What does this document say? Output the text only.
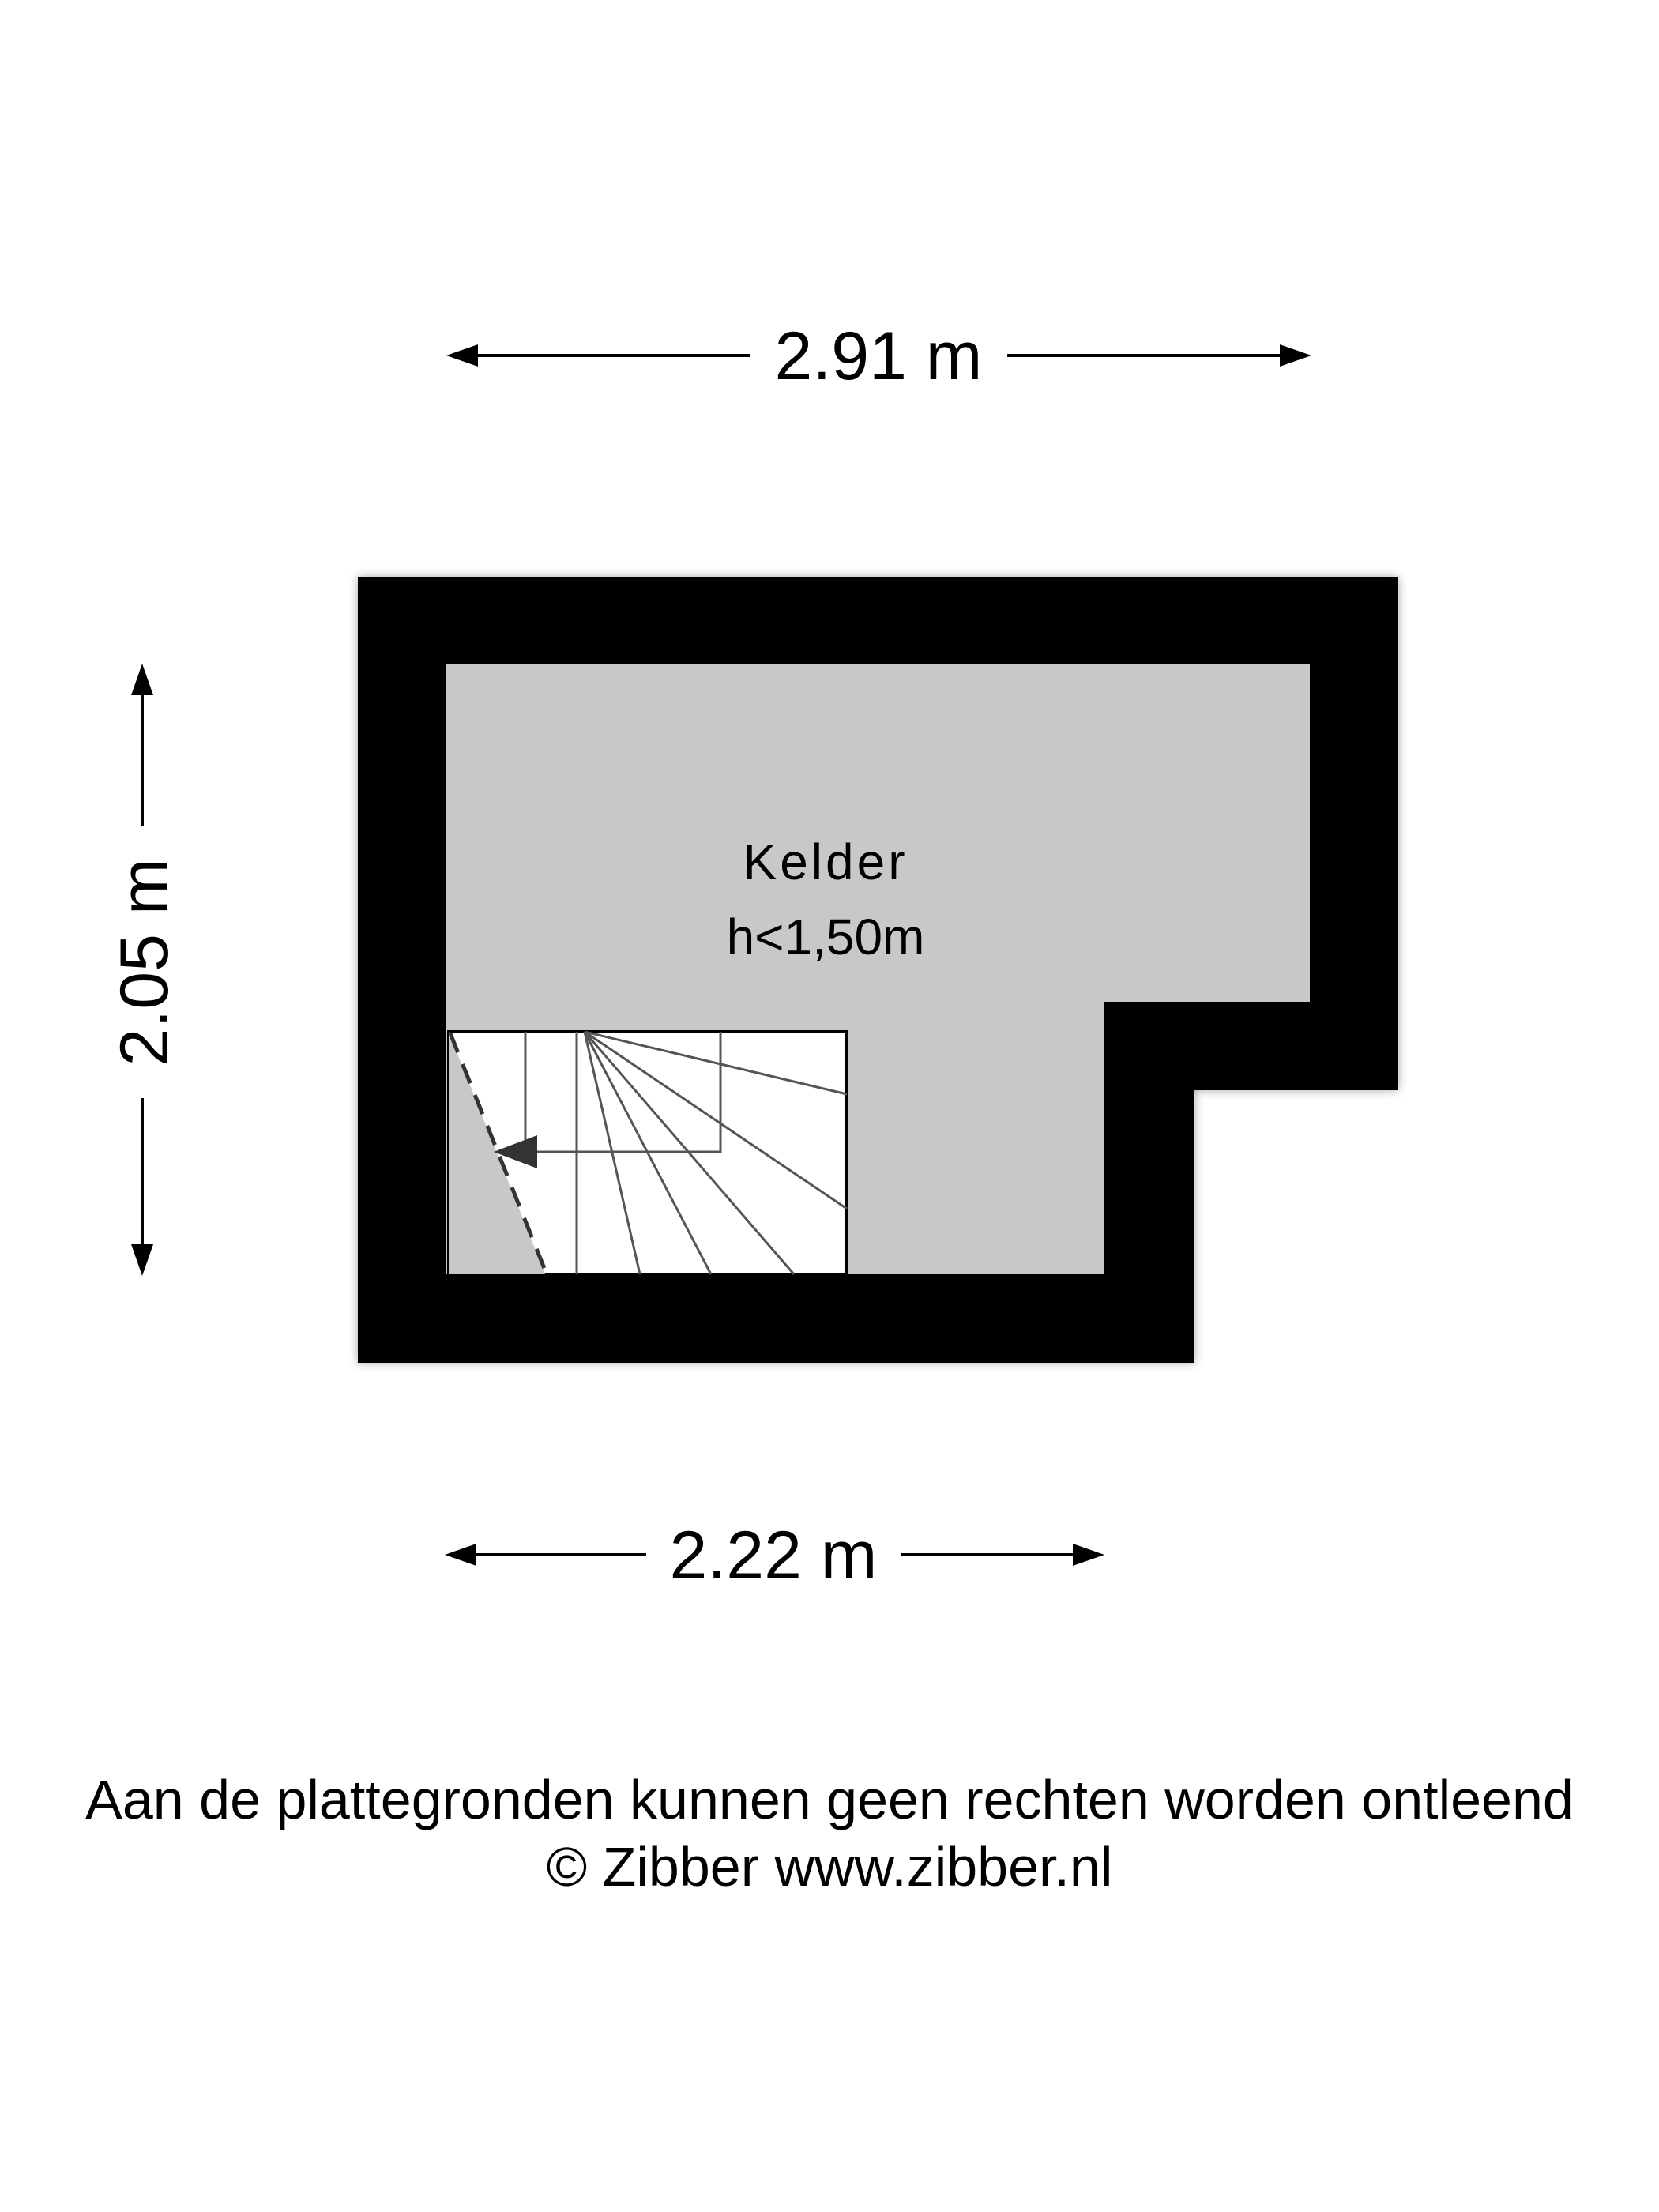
2.91 m
2.05 m
2.22 m
Kelder
h<1,50m
Aan de plattegronden kunnen geen rechten worden ontleend
© Zibber www.zibber.nl
